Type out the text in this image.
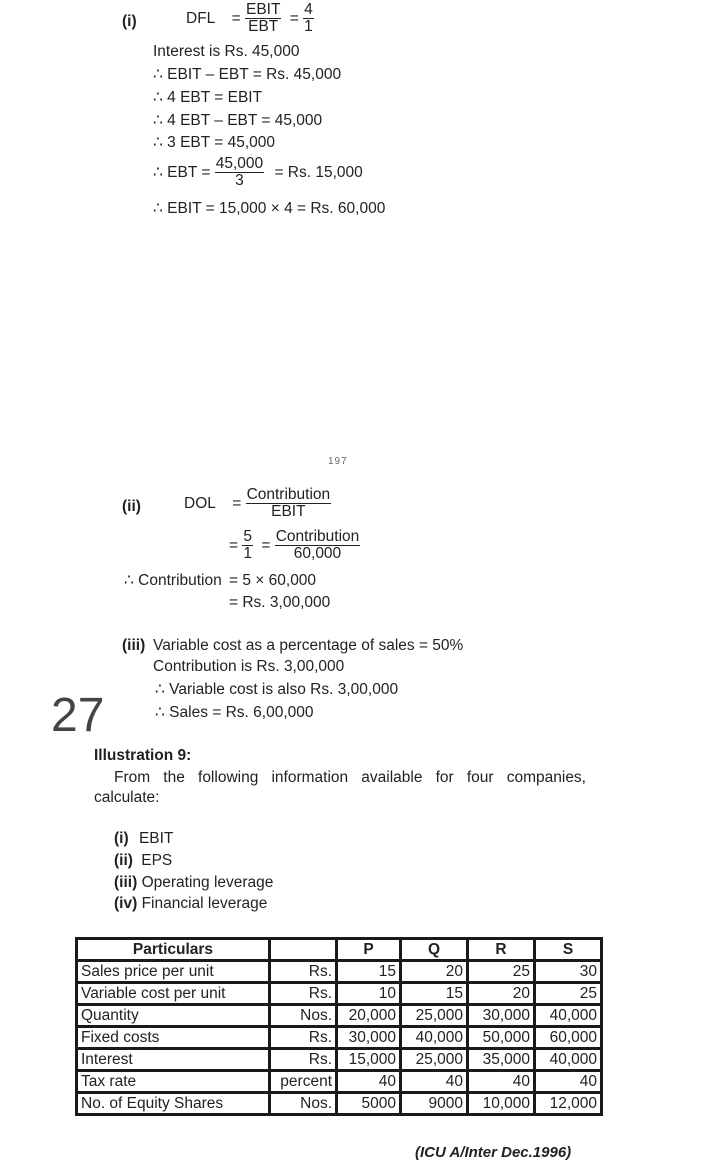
(i)	DFL = $\frac{\text{EBIT}}{\text{EBT}} = \frac{4}{1}$
Interest is Rs. 45,000
∴ EBIT – EBT = Rs. 45,000
∴ 4 EBT = EBIT
∴ 4 EBT – EBT = 45,000
∴ 3 EBT = 45,000
∴ EBT = $\frac{45,000}{3} = Rs$. 15,000
∴ EBIT = 15,000 × 4 = Rs. 60,000
197
(ii)	DOL = $\frac{\text{Contribution}}{\text{EBIT}}$
= $\frac{5}{1} = \frac{\text{Contribution}}{60,000}$
∴ Contribution = 5 × 60,000
= Rs. 3,00,000
(iii) Variable cost as a percentage of sales = 50%
Contribution is Rs. 3,00,000
∴ Variable cost is also Rs. 3,00,000
∴ Sales = Rs. 6,00,000
27
Illustration 9:
From the following information available for four companies,
calculate:
(i) EBIT
(ii) EPS
(iii) Operating leverage
(iv) Financial leverage
Particulars		P	Q	R	S
Sales price per unit	Rs.	15	20	25	30
Variable cost per unit	Rs.	10	15	20	25
Quantity	Nos.	20,000	25,000	30,000	40,000
Fixed costs	Rs.	30,000	40,000	50,000	60,000
Interest	Rs.	15,000	25,000	35,000	40,000
Tax rate	percent	40	40	40	40
No. of Equity Shares	Nos.	5000	9000	10,000	12,000
(ICU A/Inter Dec.1996)
